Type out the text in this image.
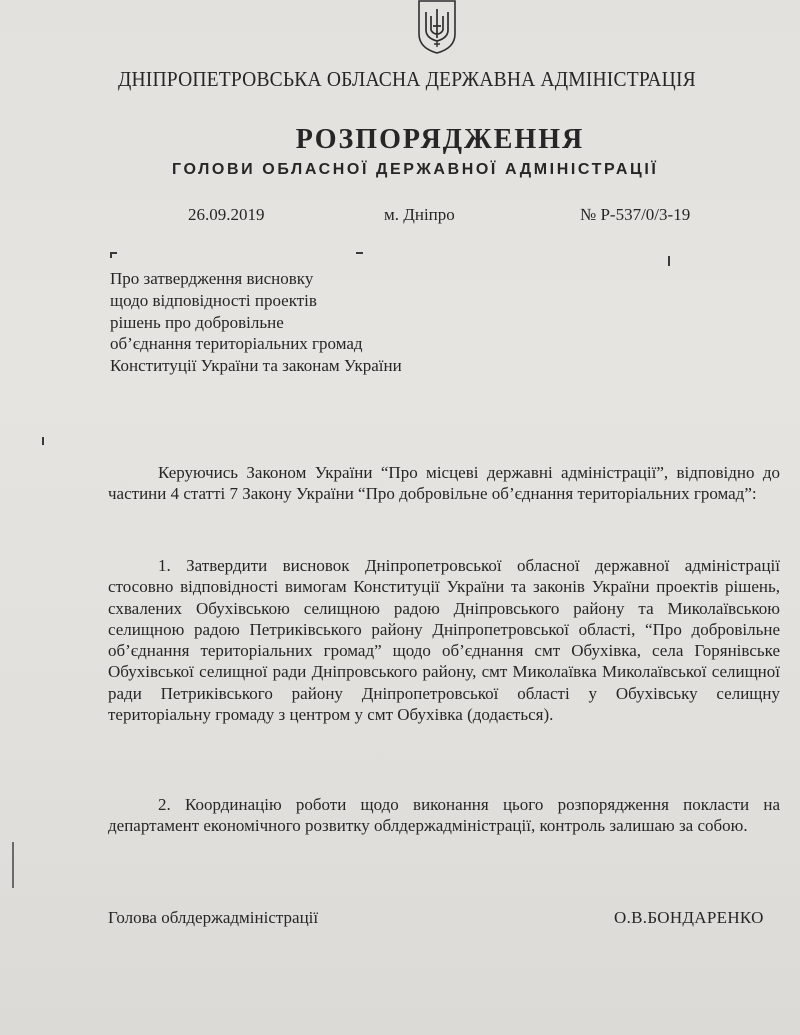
ДНІПРОПЕТРОВСЬКА ОБЛАСНА ДЕРЖАВНА АДМІНІСТРАЦІЯ
РОЗПОРЯДЖЕННЯ
ГОЛОВИ ОБЛАСНОЇ ДЕРЖАВНОЇ АДМІНІСТРАЦІЇ
26.09.2019	м. Дніпро	№ Р-537/0/3-19
Про затвердження висновку
щодо відповідності проектів
рішень про добровільне
об’єднання територіальних громад
Конституції України та законам України
Керуючись Законом України “Про місцеві державні адміністрації”, відповідно до частини 4 статті 7 Закону України “Про добровільне об’єднання територіальних громад”:
1. Затвердити висновок Дніпропетровської обласної державної адміністрації стосовно відповідності вимогам Конституції України та законів України проектів рішень, схвалених Обухівською селищною радою Дніпровського району та Миколаївською селищною радою Петриківського району Дніпропетровської області, “Про добровільне об’єднання територіальних громад” щодо об’єднання смт Обухівка, села Горянівське Обухівської селищної ради Дніпровського району, смт Миколаївка Миколаївської селищної ради Петриківського району Дніпропетровської області у Обухівську селищну територіальну громаду з центром у смт Обухівка (додається).
2. Координацію роботи щодо виконання цього розпорядження покласти на департамент економічного розвитку облдержадміністрації, контроль залишаю за собою.
Голова облдержадміністрації	О.В.БОНДАРЕНКО
